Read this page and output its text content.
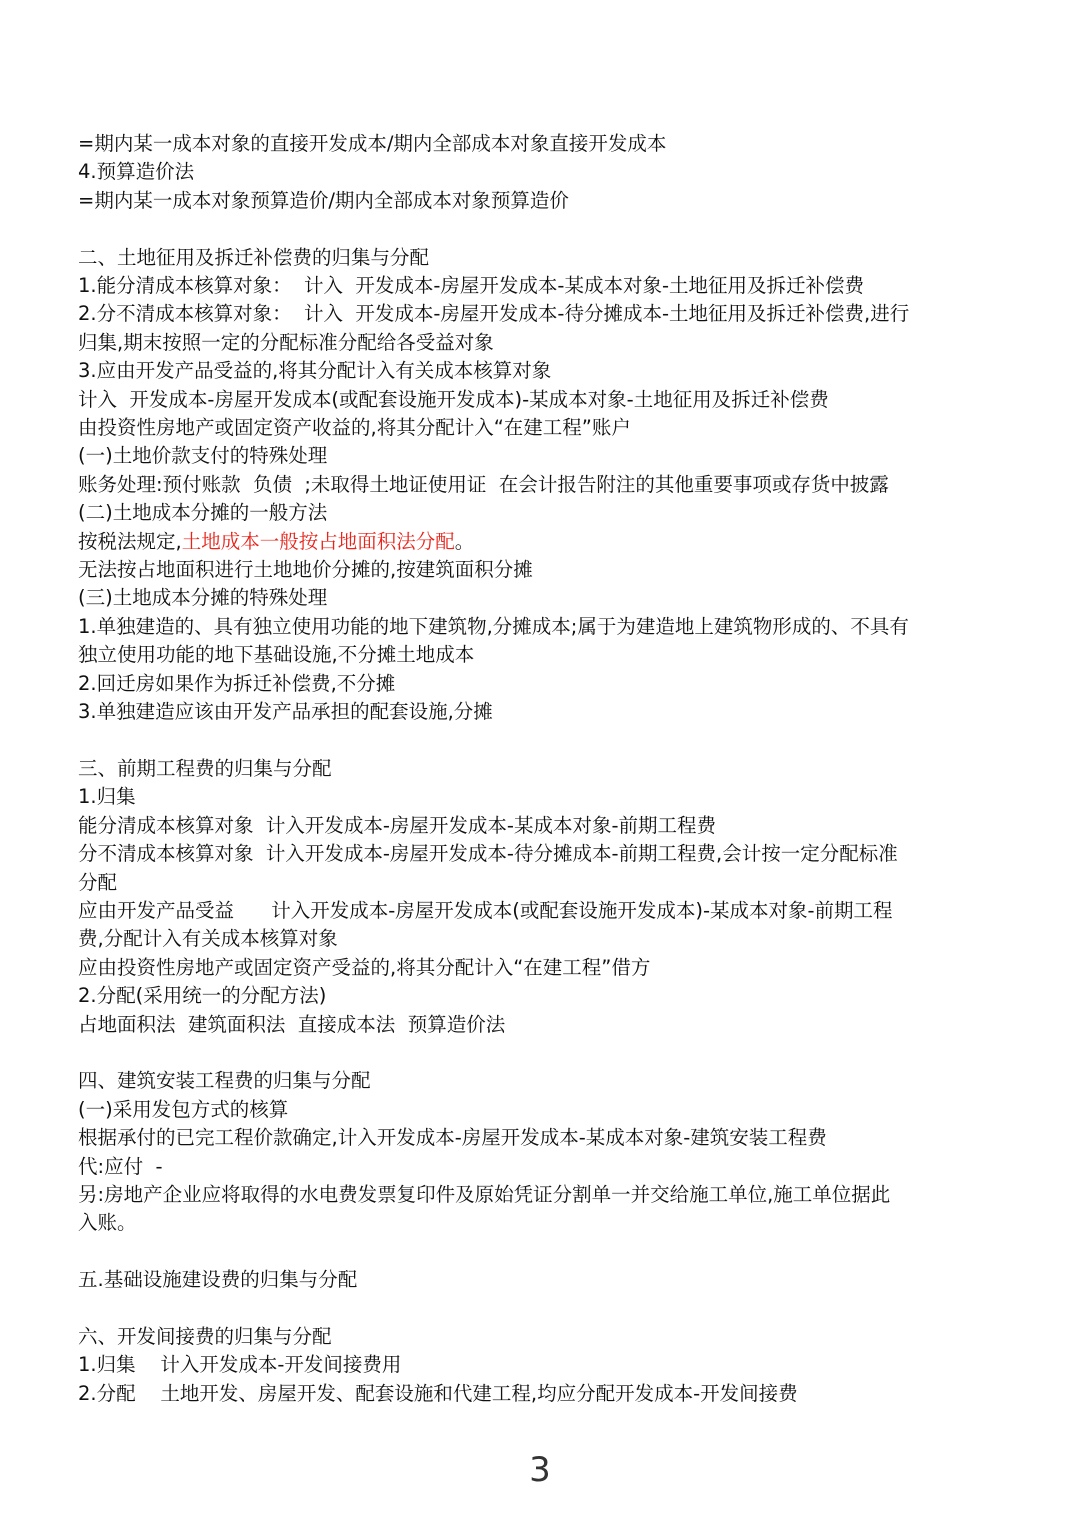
=期内某一成本对象的直接开发成本/期内全部成本对象直接开发成本

4.预算造价法

=期内某一成本对象预算造价/期内全部成本对象预算造价

二、土地征用及拆迁补偿费的归集与分配

1.能分清成本核算对象：  计入  开发成本-房屋开发成本-某成本对象-土地征用及拆迁补偿费

2.分不清成本核算对象：  计入  开发成本-房屋开发成本-待分摊成本-土地征用及拆迁补偿费,进行

归集,期末按照一定的分配标准分配给各受益对象

3.应由开发产品受益的,将其分配计入有关成本核算对象

计入  开发成本-房屋开发成本(或配套设施开发成本)-某成本对象-土地征用及拆迁补偿费

由投资性房地产或固定资产收益的,将其分配计入“在建工程”账户

(一)土地价款支付的特殊处理

账务处理:预付账款  负债  ;未取得土地证使用证  在会计报告附注的其他重要事项或存货中披露

(二)土地成本分摊的一般方法

按税法规定,土地成本一般按占地面积法分配。

无法按占地面积进行土地地价分摊的,按建筑面积分摊

(三)土地成本分摊的特殊处理

1.单独建造的、具有独立使用功能的地下建筑物,分摊成本;属于为建造地上建筑物形成的、不具有

独立使用功能的地下基础设施,不分摊土地成本

2.回迁房如果作为拆迁补偿费,不分摊

3.单独建造应该由开发产品承担的配套设施,分摊

三、前期工程费的归集与分配

1.归集

能分清成本核算对象  计入开发成本-房屋开发成本-某成本对象-前期工程费

分不清成本核算对象  计入开发成本-房屋开发成本-待分摊成本-前期工程费,会计按一定分配标准

分配

应由开发产品受益      计入开发成本-房屋开发成本(或配套设施开发成本)-某成本对象-前期工程

费,分配计入有关成本核算对象

应由投资性房地产或固定资产受益的,将其分配计入“在建工程”借方

2.分配(采用统一的分配方法)

占地面积法  建筑面积法  直接成本法  预算造价法

四、建筑安装工程费的归集与分配

(一)采用发包方式的核算

根据承付的已完工程价款确定,计入开发成本-房屋开发成本-某成本对象-建筑安装工程费

代:应付  -

另:房地产企业应将取得的水电费发票复印件及原始凭证分割单一并交给施工单位,施工单位据此

入账。

五.基础设施建设费的归集与分配

六、开发间接费的归集与分配

1.归集    计入开发成本-开发间接费用

2.分配    土地开发、房屋开发、配套设施和代建工程,均应分配开发成本-开发间接费

3
